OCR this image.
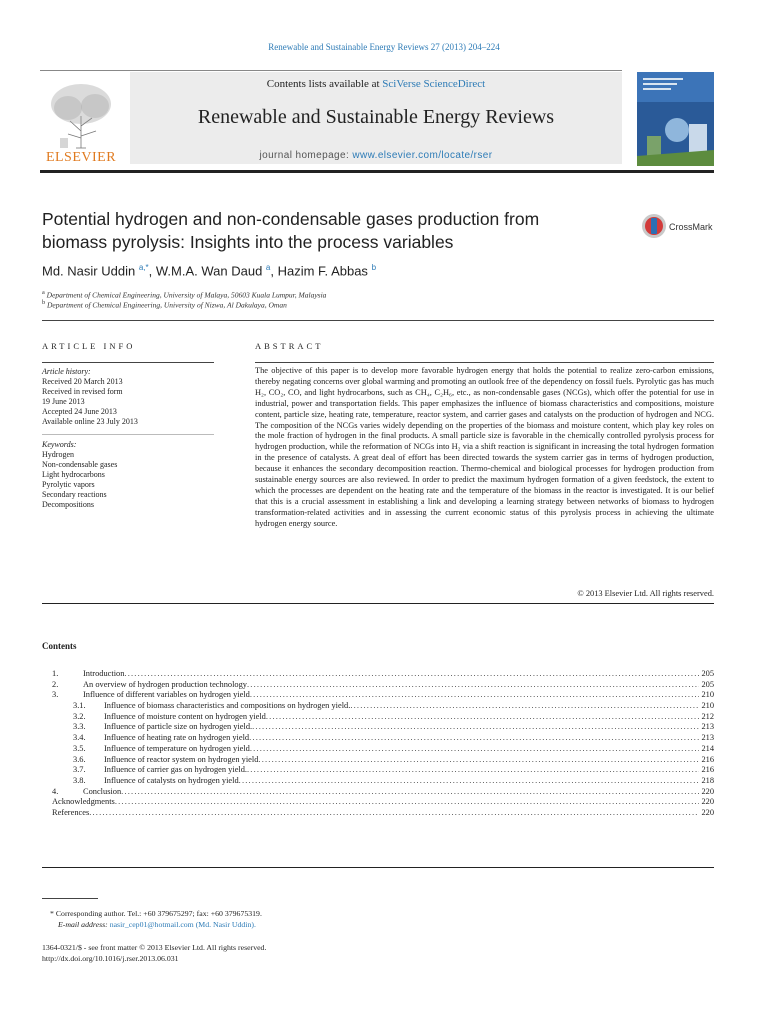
Renewable and Sustainable Energy Reviews 27 (2013) 204–224
ELSEVIER
Contents lists available at SciVerse ScienceDirect
Renewable and Sustainable Energy Reviews
journal homepage: www.elsevier.com/locate/rser
Potential hydrogen and non-condensable gases production from
biomass pyrolysis: Insights into the process variables
CrossMark
Md. Nasir Uddin $^{a,*}$, W.M.A. Wan Daud $^a$, Hazim F. Abbas $^b$
$^a$ Department of Chemical Engineering, University of Malaya, 50603 Kuala Lumpur, Malaysia
$^b$ Department of Chemical Engineering, University of Nizwa, Al Dakulaya, Oman
ARTICLE INFO	ABSTRACT
Article history:
Received 20 March 2013
Received in revised form
19 June 2013
Accepted 24 June 2013
Available online 23 July 2013
Keywords:
Hydrogen
Non-condensable gases
Light hydrocarbons
Pyrolytic vapors
Secondary reactions
Decompositions
The objective of this paper is to develop more favorable hydrogen energy that holds the potential to realize zero-carbon emissions, thereby negating concerns over global warming and promoting an outlook free of the dependency on fossil fuels. Pyrolytic gas has much H₂, CO₂, CO, and light hydrocarbons, such as CH₄, C₂H₆, etc., as non-condensable gases (NCGs), which offer the potential for use in industrial, power and transportation fields. This paper emphasizes the influence of biomass characteristics and compositions, moisture content, particle size, heating rate, temperature, reactor system, and carrier gases and catalysts on the production of hydrogen and NCG. The composition of the NCGs varies widely depending on the properties of the biomass and moisture content, which play key roles on the mole fraction of hydrogen in the final products. A small particle size is favorable in the chemically controlled pyrolysis process for hydrogen production, while the reformation of NCGs into H₂ via a shift reaction is significant in increasing the total hydrogen formation in the presence of catalysts. A great deal of effort has been directed towards the system carrier gas in terms of hydrogen production, because it enhances the secondary decomposition reaction. Thermo-chemical and biological processes for hydrogen production from sustainable energy sources are also reviewed. In order to predict the maximum hydrogen formation of a given feedstock, the extent to which the processes are dependent on the heating rate and the temperature of the biomass in the reactor is investigated. It is our belief that this is a crucial assessment in establishing a link and developing a learning strategy between networks of biomass to hydrogen transformation-related activities and in assessing the current economic status of this pyrolysis process in achieving the ultimate hydrogen energy source.
© 2013 Elsevier Ltd. All rights reserved.
Contents
1.	Introduction .....	205
2.	An overview of hydrogen production technology .....	205
3.	Influence of different variables on hydrogen yield .....	210
3.1.	Influence of biomass characteristics and compositions on hydrogen yield. .....	210
3.2.	Influence of moisture content on hydrogen yield .....	212
3.3.	Influence of particle size on hydrogen yield. .....	213
3.4.	Influence of heating rate on hydrogen yield .....	213
3.5.	Influence of temperature on hydrogen yield .....	214
3.6.	Influence of reactor system on hydrogen yield .....	216
3.7.	Influence of carrier gas on hydrogen yield. .....	216
3.8.	Influence of catalysts on hydrogen yield .....	218
4.	Conclusion .....	220
Acknowledgments .....	220
References .....	220
* Corresponding author. Tel.: +60 379675297; fax: +60 379675319.
E-mail address: nasir_cep01@hotmail.com (Md. Nasir Uddin).
1364-0321/$ - see front matter © 2013 Elsevier Ltd. All rights reserved.
http://dx.doi.org/10.1016/j.rser.2013.06.031
